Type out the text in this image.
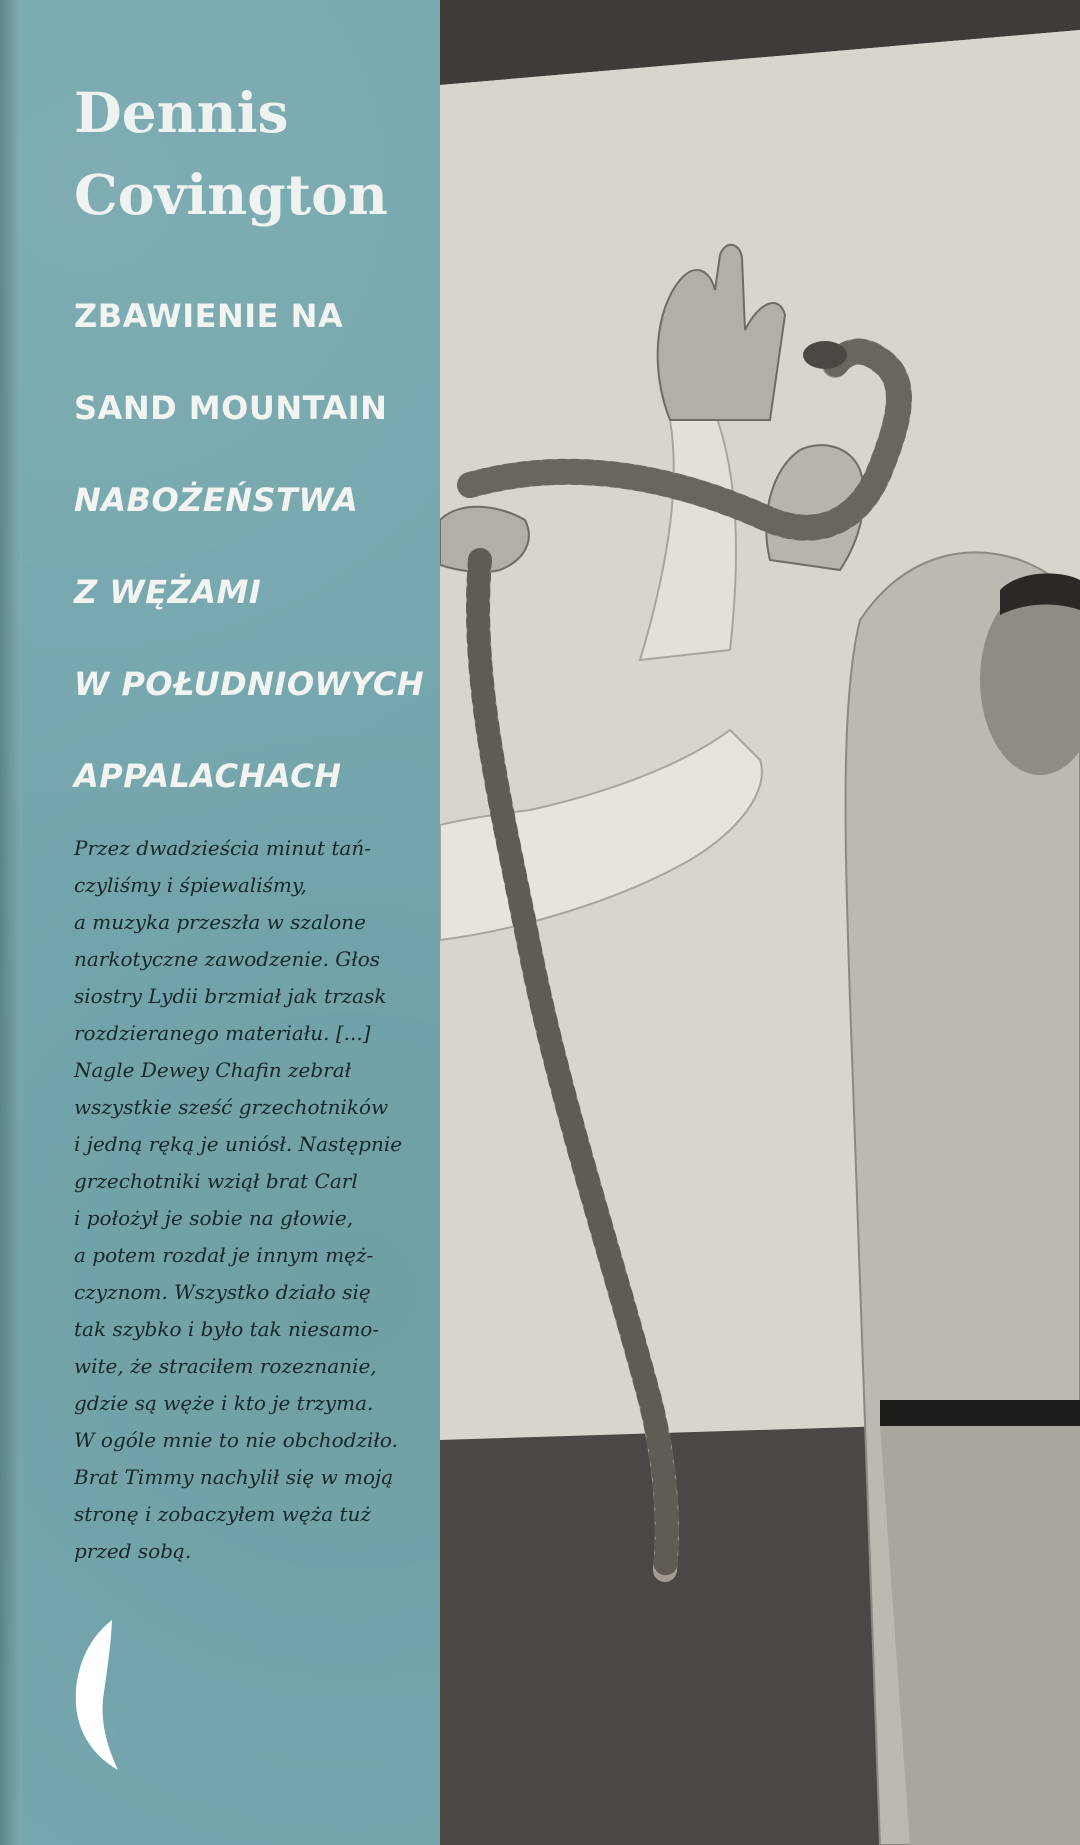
Dennis
Covington
ZBAWIENIE NA
SAND MOUNTAIN
NABOŻEŃSTWA
Z WĘŻAMI
W POŁUDNIOWYCH
APPALACHACH
Przez dwadzieścia minut tań-
czyliśmy i śpiewaliśmy,
a muzyka przeszła w szalone
narkotyczne zawodzenie. Głos
siostry Lydii brzmiał jak trzask
rozdzieranego materiału. [...]
Nagle Dewey Chafin zebrał
wszystkie sześć grzechotników
i jedną ręką je uniósł. Następnie
grzechotniki wziął brat Carl
i położył je sobie na głowie,
a potem rozdał je innym męż-
czyznom. Wszystko działo się
tak szybko i było tak niesamo-
wite, że straciłem rozeznanie,
gdzie są węże i kto je trzyma.
W ogóle mnie to nie obchodziło.
Brat Timmy nachylił się w moją
stronę i zobaczyłem węża tuż
przed sobą.
